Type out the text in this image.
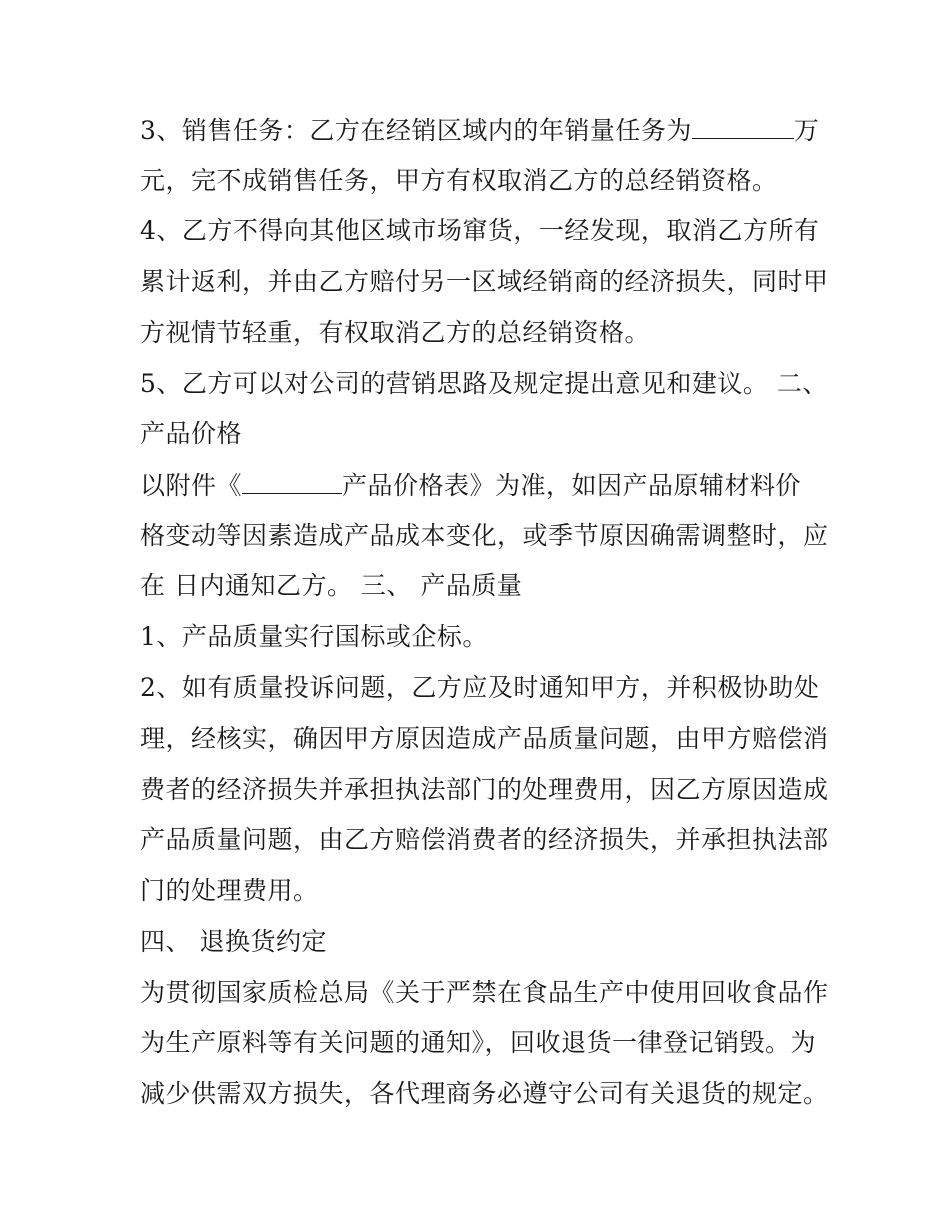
3、销售任务：乙方在经销区域内的年销量任务为	万
元，完不成销售任务，甲方有权取消乙方的总经销资格。
4、乙方不得向其他区域市场窜货，一经发现，取消乙方所有
累计返利，并由乙方赔付另一区域经销商的经济损失，同时甲
方视情节轻重，有权取消乙方的总经销资格。
5、乙方可以对公司的营销思路及规定提出意见和建议。 二、
产品价格
以附件《	产品价格表》为准，如因产品原辅材料价
格变动等因素造成产品成本变化，或季节原因确需调整时，应
在 日内通知乙方。 三、 产品质量
1、产品质量实行国标或企标。
2、如有质量投诉问题，乙方应及时通知甲方，并积极协助处
理，经核实，确因甲方原因造成产品质量问题，由甲方赔偿消
费者的经济损失并承担执法部门的处理费用，因乙方原因造成
产品质量问题，由乙方赔偿消费者的经济损失，并承担执法部
门的处理费用。
四、 退换货约定
为贯彻国家质检总局《关于严禁在食品生产中使用回收食品作
为生产原料等有关问题的通知》，回收退货一律登记销毁。为
减少供需双方损失，各代理商务必遵守公司有关退货的规定。
